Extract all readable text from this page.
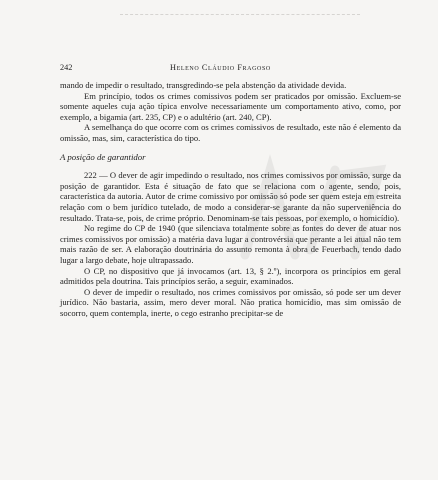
242	Heleno Cláudio Fragoso

mando de impedir o resultado, transgredindo-se pela abstenção da atividade devida.

Em princípio, todos os crimes comissivos podem ser praticados por omissão. Excluem-se somente aqueles cuja ação típica envolve necessariamente um comportamento ativo, como, por exemplo, a bigamia (art. 235, CP) e o adultério (art. 240, CP).

A semelhança do que ocorre com os crimes comissivos de resultado, este não é elemento da omissão, mas, sim, característica do tipo.

A posição de garantidor

222 — O dever de agir impedindo o resultado, nos crimes comissivos por omissão, surge da posição de garantidor. Esta é situação de fato que se relaciona com o agente, sendo, pois, característica da autoria. Autor de crime comissivo por omissão só pode ser quem esteja em estreita relação com o bem jurídico tutelado, de modo a considerar-se garante da não superveniência do resultado. Trata-se, pois, de crime próprio. Denominam-se tais pessoas, por exemplo, o homicídio).

No regime do CP de 1940 (que silenciava totalmente sobre as fontes do dever de atuar nos crimes comissivos por omissão) a matéria dava lugar a controvérsia que perante a lei atual não tem mais razão de ser. A elaboração doutrinária do assunto remonta à obra de Feuerbach, tendo dado lugar a largo debate, hoje ultrapassado.

O CP, no dispositivo que já invocamos (art. 13, § 2.º), incorpora os princípios em geral admitidos pela doutrina. Tais princípios serão, a seguir, examinados.

O dever de impedir o resultado, nos crimes comissivos por omissão, só pode ser um dever jurídico. Não bastaria, assim, mero dever moral. Não pratica homicídio, mas sim omissão de socorro, quem contempla, inerte, o cego estranho precipitar-se de
